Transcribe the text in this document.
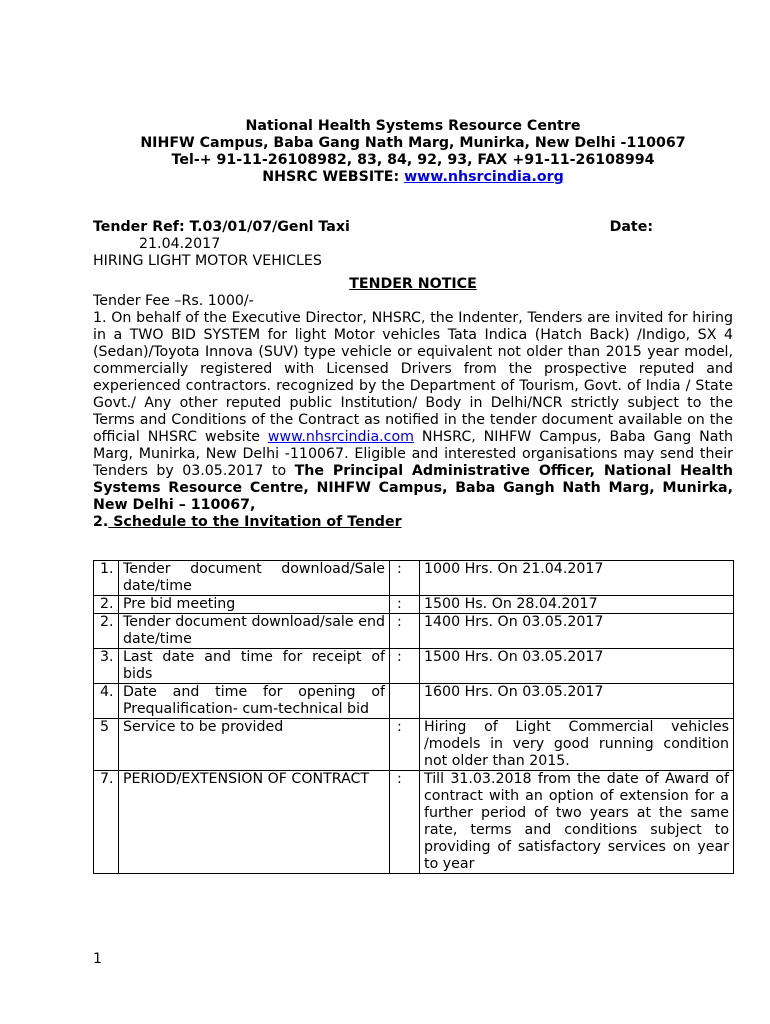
National Health Systems Resource Centre
NIHFW Campus, Baba Gang Nath Marg, Munirka, New Delhi -110067
Tel-+ 91-11-26108982, 83, 84, 92, 93, FAX +91-11-26108994
NHSRC WEBSITE: www.nhsrcindia.org
Tender Ref: T.03/01/07/Genl Taxi	Date:
21.04.2017
HIRING LIGHT MOTOR VEHICLES
TENDER NOTICE
Tender Fee –Rs. 1000/-
1. On behalf of the Executive Director, NHSRC, the Indenter, Tenders are invited for hiring in a TWO BID SYSTEM for light Motor vehicles Tata Indica (Hatch Back) /Indigo, SX 4 (Sedan)/Toyota Innova (SUV) type vehicle or equivalent not older than 2015 year model, commercially registered with Licensed Drivers from the prospective reputed and experienced contractors. recognized by the Department of Tourism, Govt. of India / State Govt./ Any other reputed public Institution/ Body in Delhi/NCR strictly subject to the Terms and Conditions of the Contract as notified in the tender document available on the official NHSRC website www.nhsrcindia.com NHSRC, NIHFW Campus, Baba Gang Nath Marg, Munirka, New Delhi -110067. Eligible and interested organisations may send their Tenders by 03.05.2017 to The Principal Administrative Officer, National Health Systems Resource Centre, NIHFW Campus, Baba Gangh Nath Marg, Munirka, New Delhi – 110067,
2. Schedule to the Invitation of Tender
1.	Tender document download/Sale date/time	:	1000 Hrs. On 21.04.2017
2.	Pre bid meeting	:	1500 Hs. On 28.04.2017
2.	Tender document download/sale end date/time	:	1400 Hrs. On 03.05.2017
3.	Last date and time for receipt of bids	:	1500 Hrs. On 03.05.2017
4.	Date and time for opening of Prequalification- cum-technical bid		1600 Hrs. On 03.05.2017
5	Service to be provided	:	Hiring of Light Commercial vehicles /models in very good running condition not older than 2015.
7.	PERIOD/EXTENSION OF CONTRACT	:	Till 31.03.2018 from the date of Award of contract with an option of extension for a further period of two years at the same rate, terms and conditions subject to providing of satisfactory services on year to year
1
